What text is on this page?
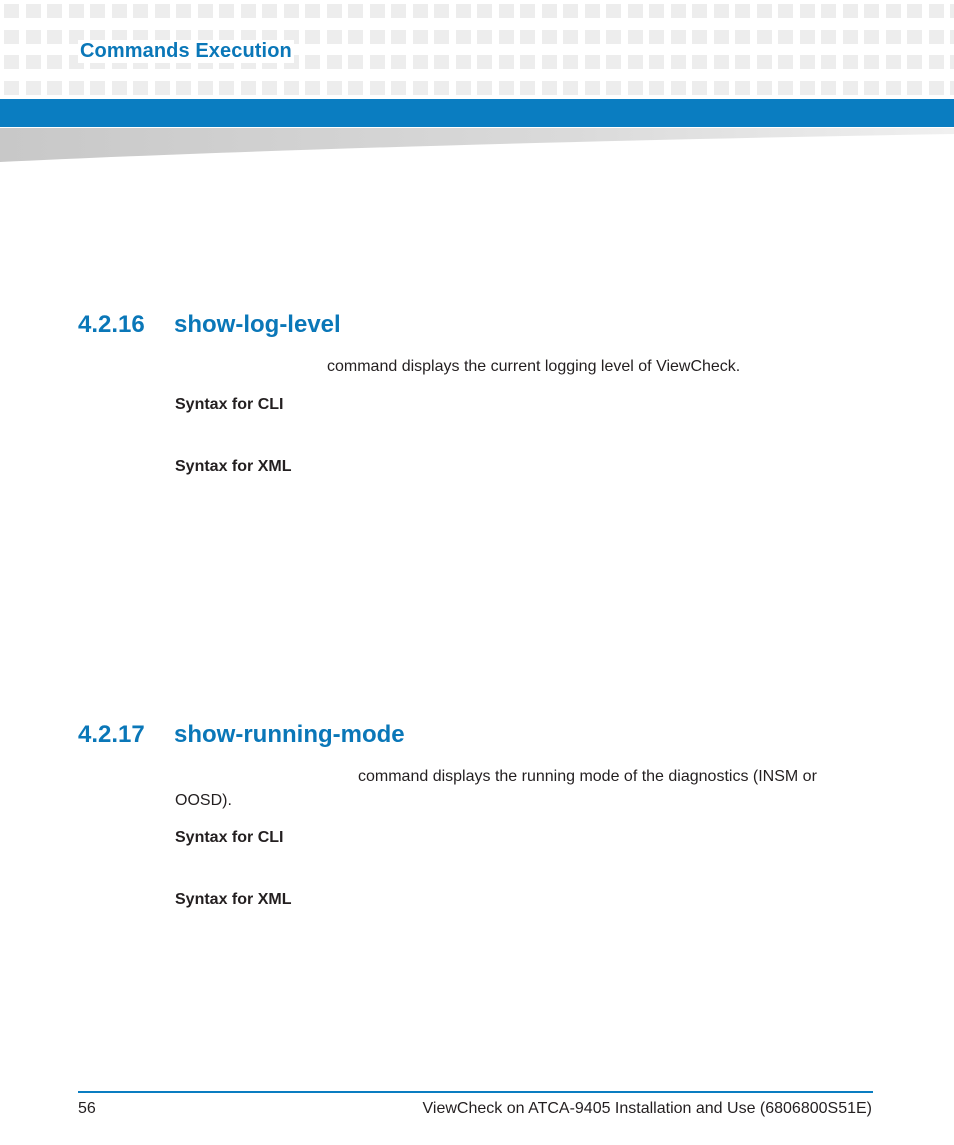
Commands Execution
4.2.16 show-log-level
command displays the current logging level of ViewCheck.
Syntax for CLI
Syntax for XML
4.2.17 show-running-mode
command displays the running mode of the diagnostics (INSM or
OOSD).
Syntax for CLI
Syntax for XML
56	ViewCheck on ATCA-9405 Installation and Use (6806800S51E)
